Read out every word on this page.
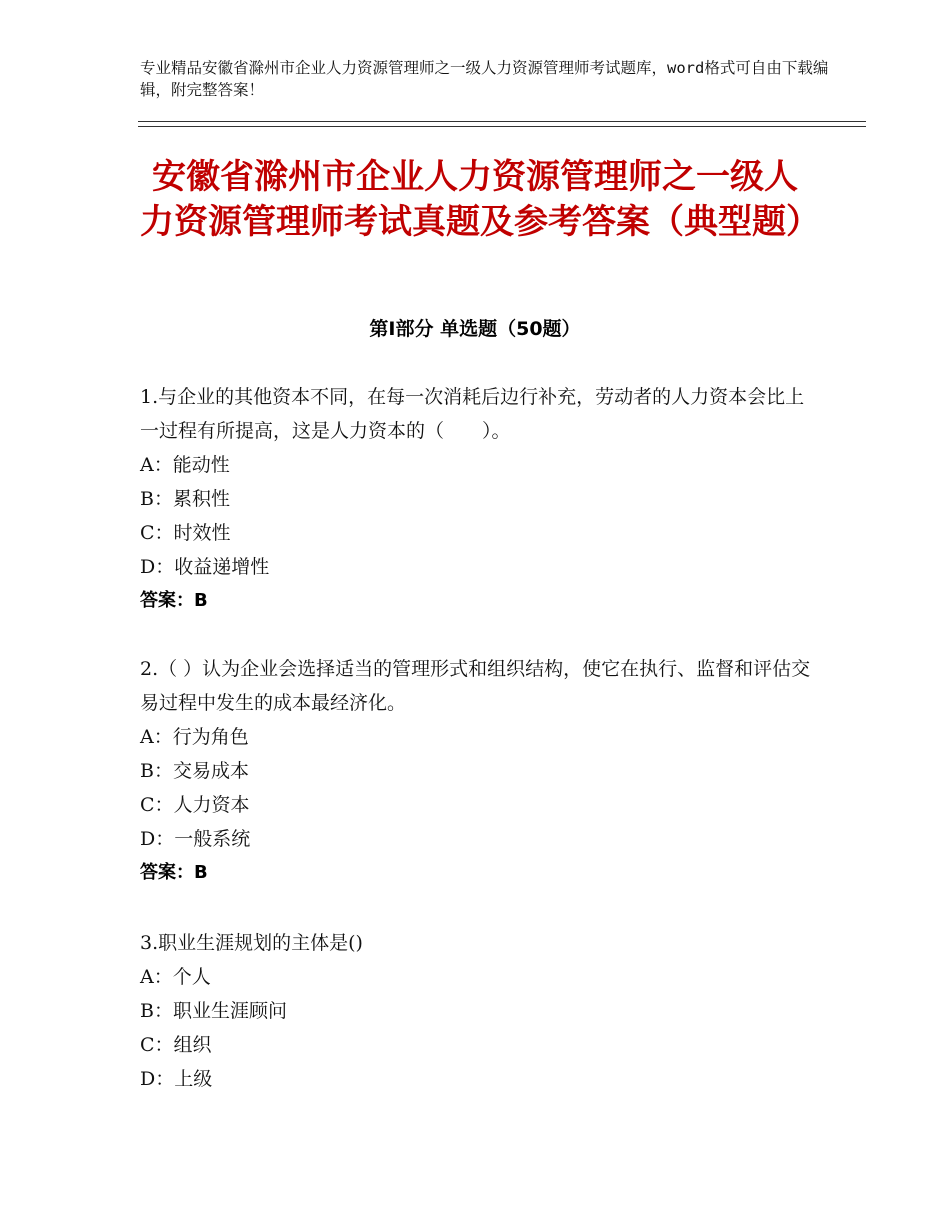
专业精品安徽省滁州市企业人力资源管理师之一级人力资源管理师考试题库，word格式可自由下载编辑，附完整答案！
安徽省滁州市企业人力资源管理师之一级人力资源管理师考试真题及参考答案（典型题）
第I部分 单选题（50题）
1.与企业的其他资本不同，在每一次消耗后边行补充，劳动者的人力资本会比上一过程有所提高，这是人力资本的（　　）。
A：能动性
B：累积性
C：时效性
D：收益递增性
答案：B
2.（ ）认为企业会选择适当的管理形式和组织结构，使它在执行、监督和评估交易过程中发生的成本最经济化。
A：行为角色
B：交易成本
C：人力资本
D：一般系统
答案：B
3.职业生涯规划的主体是()
A：个人
B：职业生涯顾问
C：组织
D：上级
